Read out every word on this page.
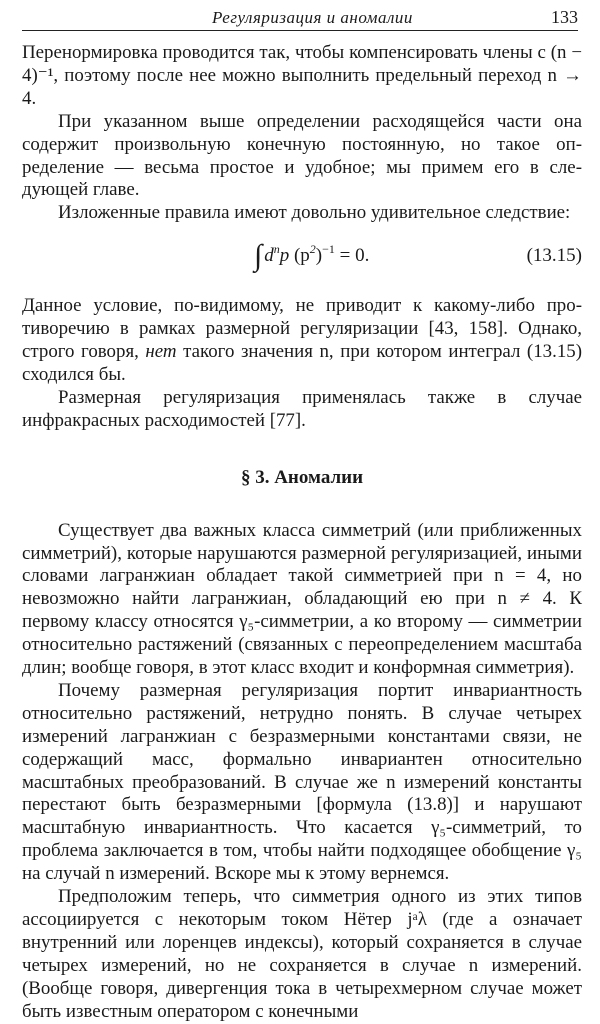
Регуляризация и аномалии	133

Перенормировка проводится так, чтобы компенсировать члены с (n − 4)⁻¹, поэтому после нее можно выполнить предельный переход n → 4.

При указанном выше определении расходящейся части она содержит произвольную конечную постоянную, но такое определение — весьма простое и удобное; мы примем его в следующей главе.

Изложенные правила имеют довольно удивительное следствие:

∫ $d^np$ $(p^2)^{-1} = 0$.	(13.15)

Данное условие, по-видимому, не приводит к какому-либо противоречию в рамках размерной регуляризации [43, 158]. Однако, строго говоря, нет такого значения n, при котором интеграл (13.15) сходился бы.

Размерная регуляризация применялась также в случае инфракрасных расходимостей [77].

§ 3. Аномалии

Существует два важных класса симметрий (или приближенных симметрий), которые нарушаются размерной регуляризацией, иными словами лагранжиан обладает такой симметрией при n = 4, но невозможно найти лагранжиан, обладающий ею при n ≠ 4. К первому классу относятся γ₅-симметрии, а ко второму — симметрии относительно растяжений (связанных с переопределением масштаба длин; вообще говоря, в этот класс входит и конформная симметрия).

Почему размерная регуляризация портит инвариантность относительно растяжений, нетрудно понять. В случае четырех измерений лагранжиан с безразмерными константами связи, не содержащий масс, формально инвариантен относительно масштабных преобразований. В случае же n измерений константы перестают быть безразмерными [формула (13.8)] и нарушают масштабную инвариантность. Что касается γ₅-симметрий, то проблема заключается в том, чтобы найти подходящее обобщение γ₅ на случай n измерений. Вскоре мы к этому вернемся.

Предположим теперь, что симметрия одного из этих типов ассоциируется с некоторым током Нётер jᵃλ (где a означает внутренний или лоренцев индексы), который сохраняется в случае четырех измерений, но не сохраняется в случае n измерений. (Вообще говоря, дивергенция тока в четырехмерном случае может быть известным оператором с конечными
